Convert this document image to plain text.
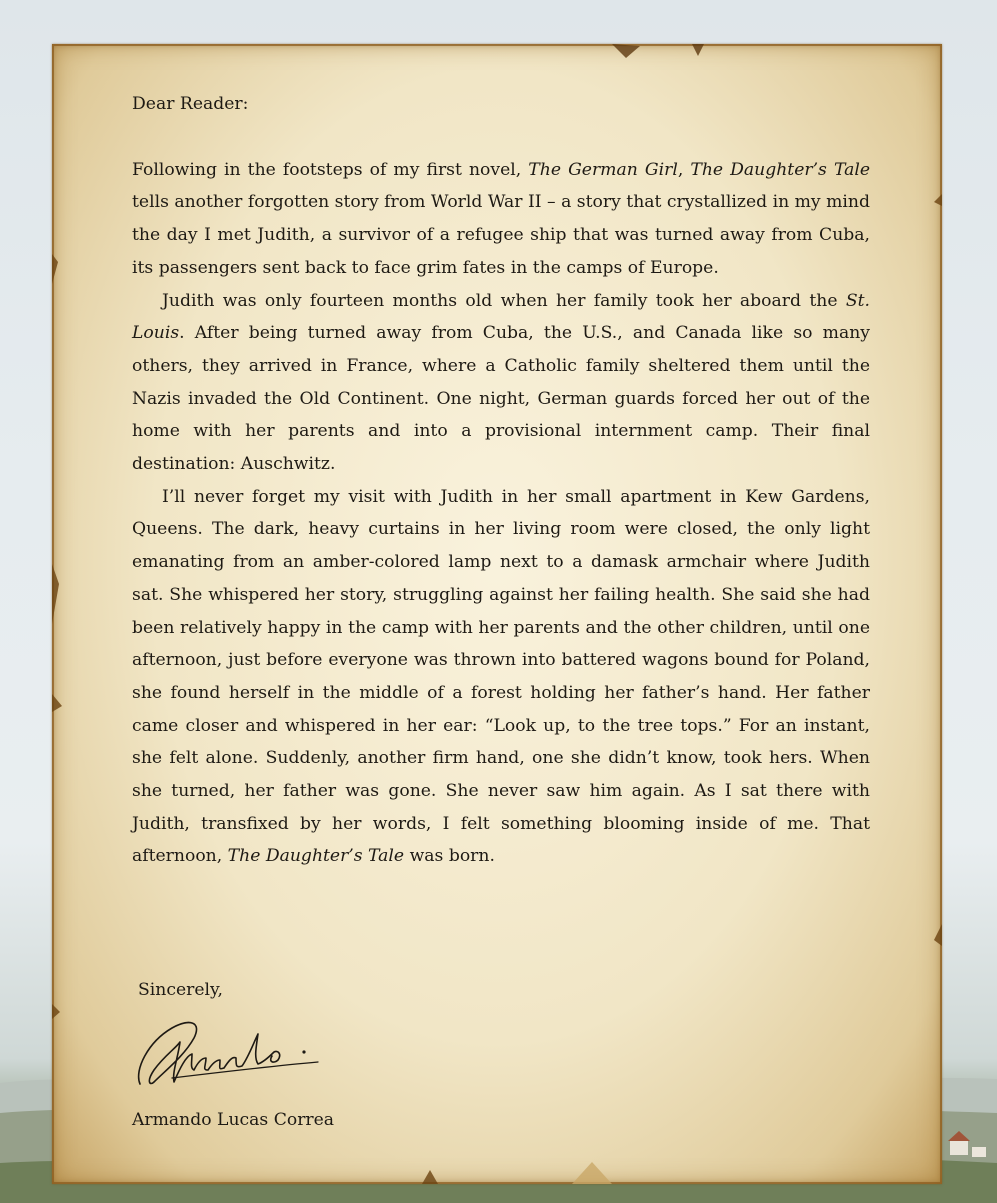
Dear Reader:

Following in the footsteps of my first novel, The German Girl, The Daughter’s Tale tells another forgotten story from World War II – a story that crystallized in my mind the day I met Judith, a survivor of a refugee ship that was turned away from Cuba, its passengers sent back to face grim fates in the camps of Europe.

Judith was only fourteen months old when her family took her aboard the St. Louis. After being turned away from Cuba, the U.S., and Canada like so many others, they arrived in France, where a Catholic family sheltered them until the Nazis invaded the Old Continent. One night, German guards forced her out of the home with her parents and into a provisional internment camp. Their final destination: Auschwitz.

I’ll never forget my visit with Judith in her small apartment in Kew Gardens, Queens. The dark, heavy curtains in her living room were closed, the only light emanating from an amber-colored lamp next to a damask armchair where Judith sat. She whispered her story, struggling against her failing health. She said she had been relatively happy in the camp with her parents and the other children, until one afternoon, just before everyone was thrown into battered wagons bound for Poland, she found herself in the middle of a forest holding her father’s hand. Her father came closer and whispered in her ear: “Look up, to the tree tops.” For an instant, she felt alone. Suddenly, another firm hand, one she didn’t know, took hers. When she turned, her father was gone. She never saw him again. As I sat there with Judith, transfixed by her words, I felt something blooming inside of me. That afternoon, The Daughter’s Tale was born.

Sincerely,
Armando Lucas Correa
